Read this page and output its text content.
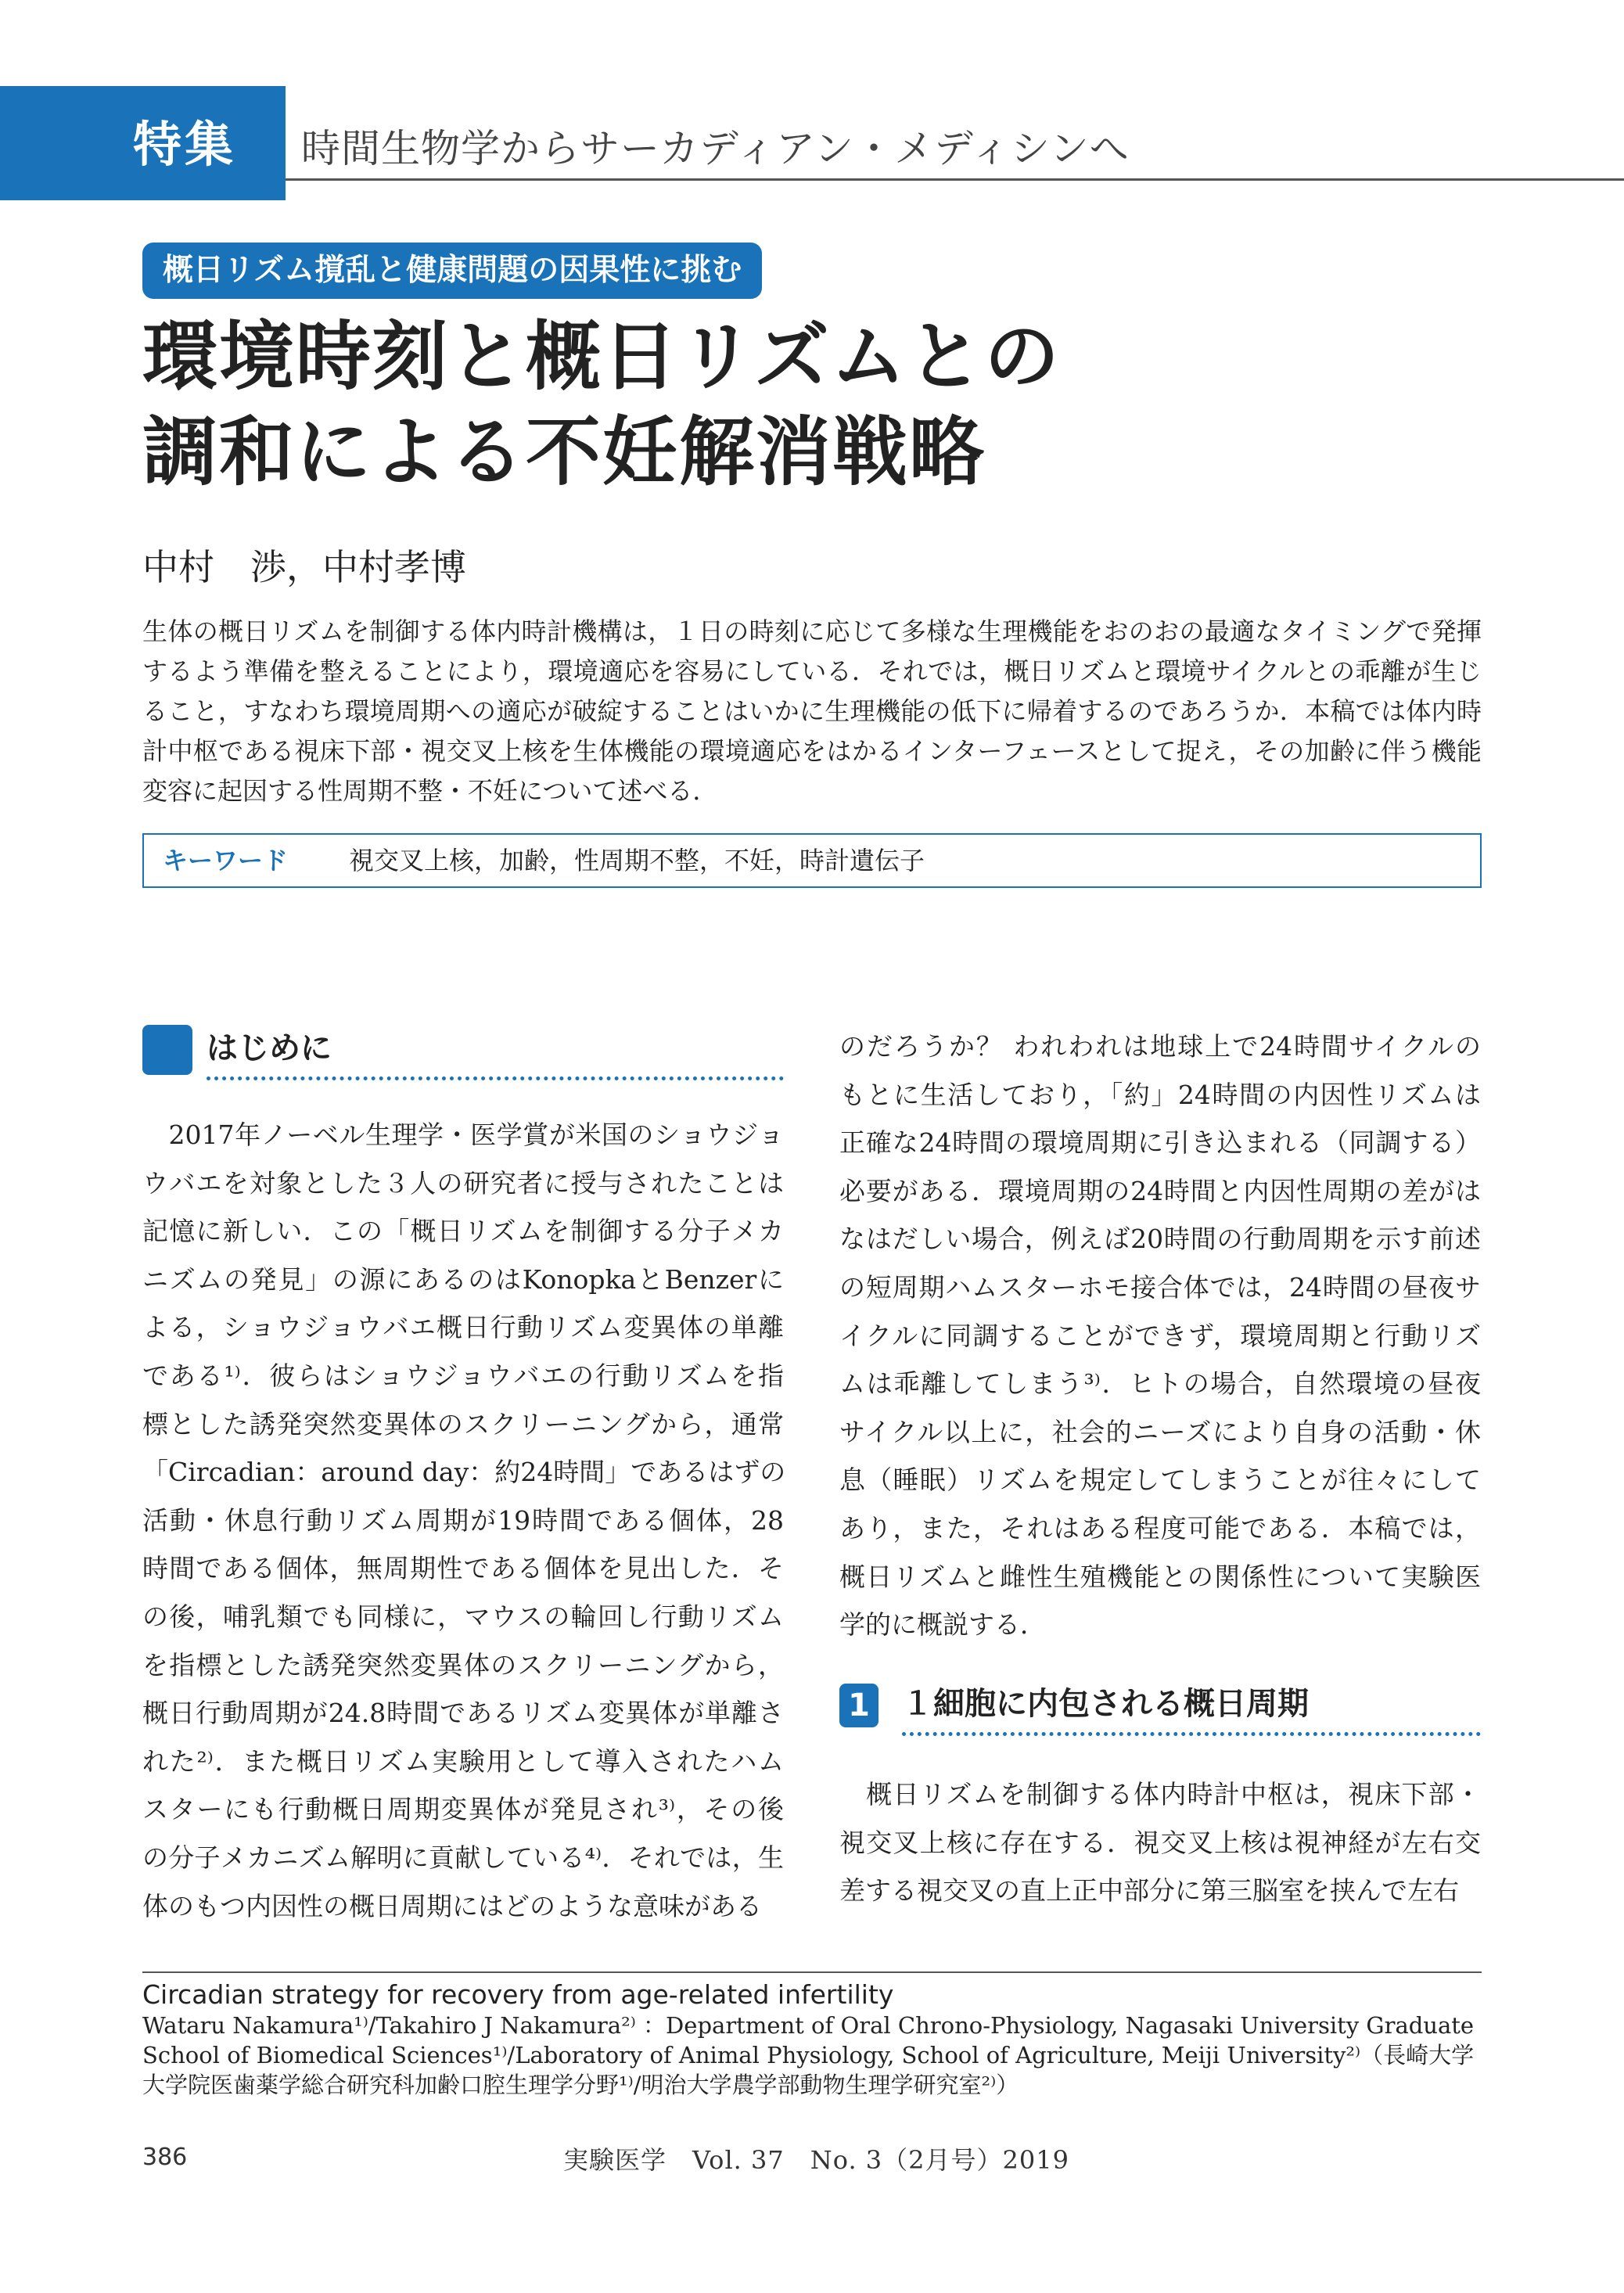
特集	時間生物学からサーカディアン・メディシンへ
概日リズム撹乱と健康問題の因果性に挑む
環境時刻と概日リズムとの
調和による不妊解消戦略
中村　渉，中村孝博
生体の概日リズムを制御する体内時計機構は，１日の時刻に応じて多様な生理機能をおのおの最適なタイミングで発揮するよう準備を整えることにより，環境適応を容易にしている．それでは，概日リズムと環境サイクルとの乖離が生じること，すなわち環境周期への適応が破綻することはいかに生理機能の低下に帰着するのであろうか．本稿では体内時計中枢である視床下部・視交叉上核を生体機能の環境適応をはかるインターフェースとして捉え，その加齢に伴う機能変容に起因する性周期不整・不妊について述べる．
キーワード 視交叉上核，加齢，性周期不整，不妊，時計遺伝子
はじめに
　2017年ノーベル生理学・医学賞が米国のショウジョ
ウバエを対象とした３人の研究者に授与されたことは
記憶に新しい．この「概日リズムを制御する分子メカ
ニズムの発見」の源にあるのはKonopkaとBenzerに
よる，ショウジョウバエ概日行動リズム変異体の単離
である¹⁾．彼らはショウジョウバエの行動リズムを指
標とした誘発突然変異体のスクリーニングから，通常
「Circadian：around day：約24時間」であるはずの
活動・休息行動リズム周期が19時間である個体，28
時間である個体，無周期性である個体を見出した．そ
の後，哺乳類でも同様に，マウスの輪回し行動リズム
を指標とした誘発突然変異体のスクリーニングから，
概日行動周期が24.8時間であるリズム変異体が単離さ
れた²⁾．また概日リズム実験用として導入されたハム
スターにも行動概日周期変異体が発見され³⁾，その後
の分子メカニズム解明に貢献している⁴⁾．それでは，生
体のもつ内因性の概日周期にはどのような意味がある
のだろうか？ われわれは地球上で24時間サイクルの
もとに生活しており，「約」24時間の内因性リズムは
正確な24時間の環境周期に引き込まれる（同調する）
必要がある．環境周期の24時間と内因性周期の差がは
なはだしい場合，例えば20時間の行動周期を示す前述
の短周期ハムスターホモ接合体では，24時間の昼夜サ
イクルに同調することができず，環境周期と行動リズ
ムは乖離してしまう³⁾．ヒトの場合，自然環境の昼夜
サイクル以上に，社会的ニーズにより自身の活動・休
息（睡眠）リズムを規定してしまうことが往々にして
あり，また，それはある程度可能である．本稿では，
概日リズムと雌性生殖機能との関係性について実験医
学的に概説する．
1 １細胞に内包される概日周期
　概日リズムを制御する体内時計中枢は，視床下部・
視交叉上核に存在する．視交叉上核は視神経が左右交
差する視交叉の直上正中部分に第三脳室を挟んで左右
Circadian strategy for recovery from age-related infertility
Wataru Nakamura¹⁾/Takahiro J Nakamura²⁾ ：Department of Oral Chrono-Physiology, Nagasaki University Graduate
School of Biomedical Sciences¹⁾/Laboratory of Animal Physiology, School of Agriculture, Meiji University²⁾（長崎大学
大学院医歯薬学総合研究科加齢口腔生理学分野¹⁾/明治大学農学部動物生理学研究室²⁾）
386	実験医学　Vol. 37　No. 3（2月号）2019
